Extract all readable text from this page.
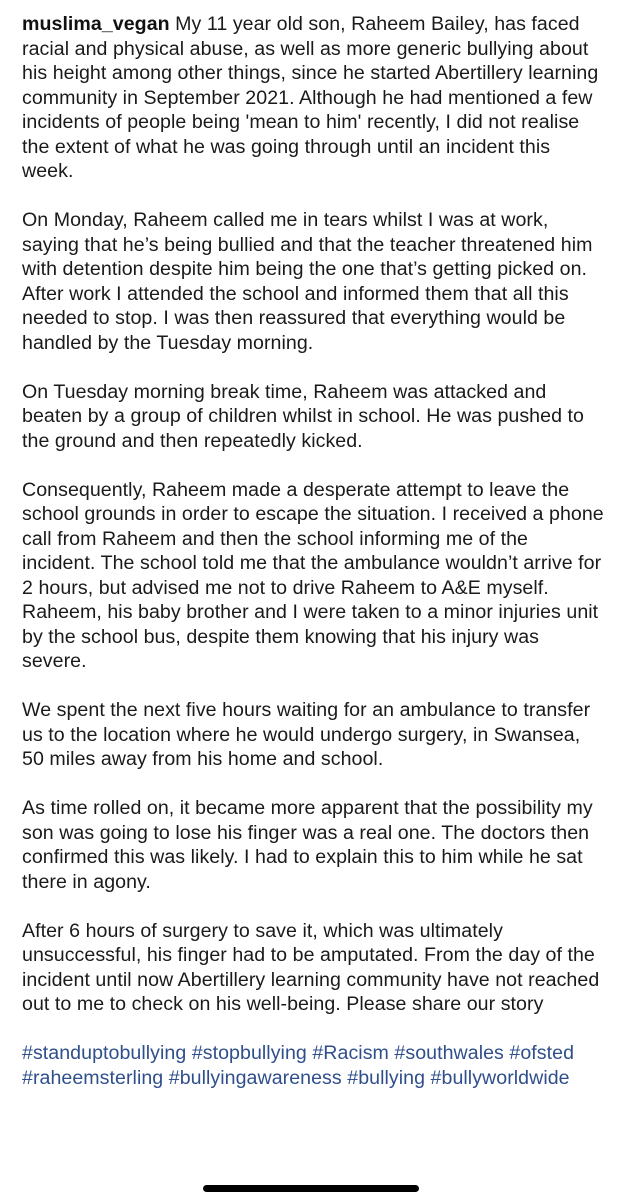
muslima_vegan My 11 year old son, Raheem Bailey, has faced racial and physical abuse, as well as more generic bullying about his height among other things, since he started Abertillery learning community in September 2021. Although he had mentioned a few incidents of people being 'mean to him' recently, I did not realise the extent of what he was going through until an incident this week.

On Monday, Raheem called me in tears whilst I was at work, saying that he’s being bullied and that the teacher threatened him with detention despite him being the one that’s getting picked on. After work I attended the school and informed them that all this needed to stop. I was then reassured that everything would be handled by the Tuesday morning.

On Tuesday morning break time, Raheem was attacked and beaten by a group of children whilst in school. He was pushed to the ground and then repeatedly kicked.

Consequently, Raheem made a desperate attempt to leave the school grounds in order to escape the situation. I received a phone call from Raheem and then the school informing me of the incident. The school told me that the ambulance wouldn’t arrive for 2 hours, but advised me not to drive Raheem to A&E myself. Raheem, his baby brother and I were taken to a minor injuries unit by the school bus, despite them knowing that his injury was severe.

We spent the next five hours waiting for an ambulance to transfer us to the location where he would undergo surgery, in Swansea, 50 miles away from his home and school.

As time rolled on, it became more apparent that the possibility my son was going to lose his finger was a real one. The doctors then confirmed this was likely. I had to explain this to him while he sat there in agony.

After 6 hours of surgery to save it, which was ultimately unsuccessful, his finger had to be amputated. From the day of the incident until now Abertillery learning community have not reached out to me to check on his well-being. Please share our story

#standuptobullying #stopbullying #Racism #southwales #ofsted #raheemsterling #bullyingawareness #bullying #bullyworldwide
